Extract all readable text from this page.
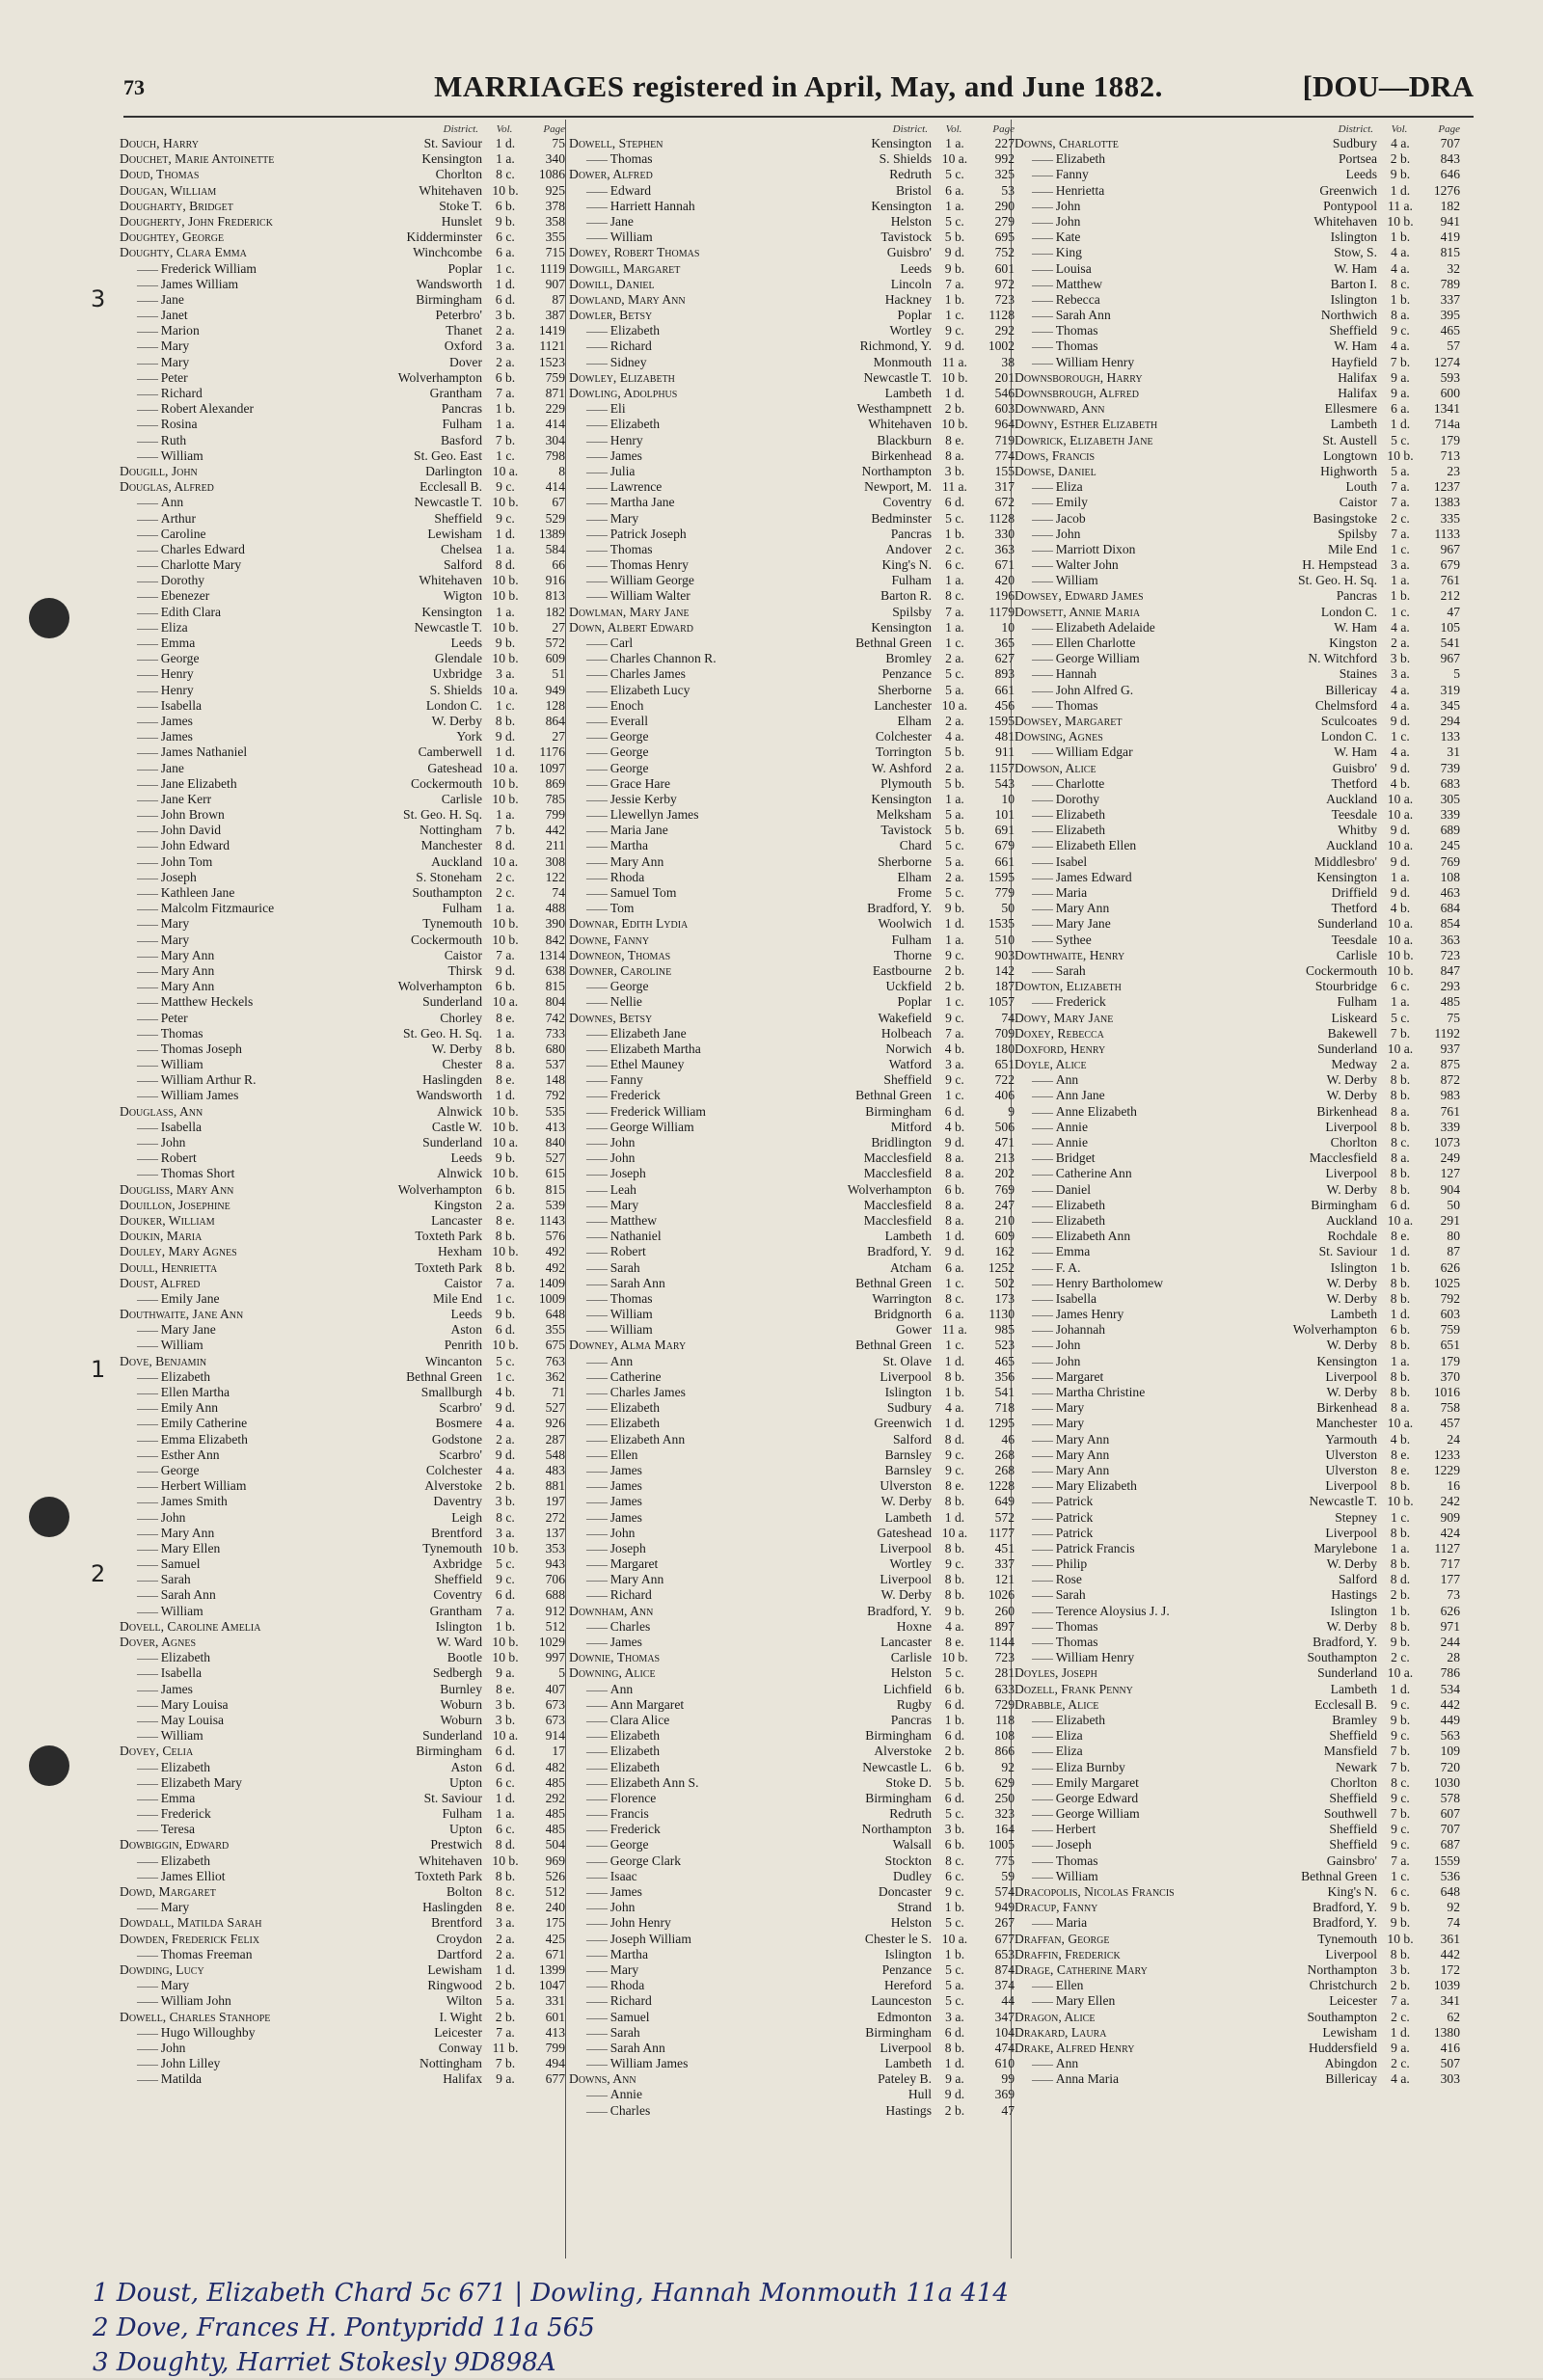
3
1
2
73	MARRIAGES registered in April, May, and June 1882.	[DOU—DRA
District.	Vol.	Page
Douch, Harry	St. Saviour	1 d.	75
Douchet, Marie Antoinette	Kensington	1 a.	340
Doud, Thomas	Chorlton	8 c.	1086
Dougan, William	Whitehaven 10 b.	925
Dougharty, Bridget	Stoke T.	6 b.	378
Dougherty, John Frederick	Hunslet	9 b.	358
Doughtey, George	Kidderminster	6 c.	355
Doughty, Clara Emma	Winchcombe	6 a.	715
—— Frederick William	Poplar	1 c.	1119
—— James William	Wandsworth	1 d.	907
—— Jane	Birmingham	6 d.	87
—— Janet	Peterbro'	3 b.	387
—— Marion	Thanet	2 a.	1419
—— Mary	Oxford	3 a.	1121
—— Mary	Dover	2 a.	1523
—— Peter	Wolverhampton	6 b.	759
—— Richard	Grantham	7 a.	871
—— Robert Alexander	Pancras	1 b.	229
—— Rosina	Fulham	1 a.	414
—— Ruth	Basford	7 b.	304
—— William	St. Geo. East	1 c.	798
Dougill, John	Darlington 10 a.	8
Douglas, Alfred	Ecclesall B.	9 c.	414
—— Ann	Newcastle T. 10 b.	67
—— Arthur	Sheffield	9 c.	529
—— Caroline	Lewisham	1 d.	1389
—— Charles Edward	Chelsea	1 a.	584
—— Charlotte Mary	Salford	8 d.	66
—— Dorothy	Whitehaven 10 b.	916
—— Ebenezer	Wigton 10 b.	813
—— Edith Clara	Kensington	1 a.	182
—— Eliza	Newcastle T. 10 b.	27
—— Emma	Leeds	9 b.	572
—— George	Glendale 10 b.	609
—— Henry	Uxbridge	3 a.	51
—— Henry	S. Shields 10 a.	949
—— Isabella	London C.	1 c.	128
—— James	W. Derby	8 b.	864
—— James	York	9 d.	27
—— James Nathaniel	Camberwell	1 d.	1176
—— Jane	Gateshead 10 a.	1097
—— Jane Elizabeth	Cockermouth 10 b.	869
—— Jane Kerr	Carlisle 10 b.	785
—— John Brown	St. Geo. H. Sq.	1 a.	799
—— John David	Nottingham	7 b.	442
—— John Edward	Manchester	8 d.	211
—— John Tom	Auckland 10 a.	308
—— Joseph	S. Stoneham	2 c.	122
—— Kathleen Jane	Southampton	2 c.	74
—— Malcolm Fitzmaurice	Fulham	1 a.	488
—— Mary	Tynemouth 10 b.	390
—— Mary	Cockermouth 10 b.	842
—— Mary Ann	Caistor	7 a.	1314
—— Mary Ann	Thirsk	9 d.	638
—— Mary Ann	Wolverhampton	6 b.	815
—— Matthew Heckels	Sunderland 10 a.	804
—— Peter	Chorley	8 e.	742
—— Thomas	St. Geo. H. Sq.	1 a.	733
—— Thomas Joseph	W. Derby	8 b.	680
—— William	Chester	8 a.	537
—— William Arthur R.	Haslingden	8 e.	148
—— William James	Wandsworth	1 d.	792
Douglass, Ann	Alnwick 10 b.	535
—— Isabella	Castle W. 10 b.	413
—— John	Sunderland 10 a.	840
—— Robert	Leeds	9 b.	527
—— Thomas Short	Alnwick 10 b.	615
Dougliss, Mary Ann	Wolverhampton	6 b.	815
Douillon, Josephine	Kingston	2 a.	539
Douker, William	Lancaster	8 e.	1143
Doukin, Maria	Toxteth Park	8 b.	576
Douley, Mary Agnes	Hexham 10 b.	492
Doull, Henrietta	Toxteth Park	8 b.	492
Doust, Alfred	Caistor	7 a.	1409
—— Emily Jane	Mile End	1 c.	1009
Douthwaite, Jane Ann	Leeds	9 b.	648
—— Mary Jane	Aston	6 d.	355
—— William	Penrith 10 b.	675
Dove, Benjamin	Wincanton	5 c.	763
—— Elizabeth	Bethnal Green	1 c.	362
—— Ellen Martha	Smallburgh	4 b.	71
—— Emily Ann	Scarbro'	9 d.	527
—— Emily Catherine	Bosmere	4 a.	926
—— Emma Elizabeth	Godstone	2 a.	287
—— Esther Ann	Scarbro'	9 d.	548
—— George	Colchester	4 a.	483
—— Herbert William	Alverstoke	2 b.	881
—— James Smith	Daventry	3 b.	197
—— John	Leigh	8 c.	272
—— Mary Ann	Brentford	3 a.	137
—— Mary Ellen	Tynemouth 10 b.	353
—— Samuel	Axbridge	5 c.	943
—— Sarah	Sheffield	9 c.	706
—— Sarah Ann	Coventry	6 d.	688
—— William	Grantham	7 a.	912
Dovell, Caroline Amelia	Islington	1 b.	512
Dover, Agnes	W. Ward 10 b.	1029
—— Elizabeth	Bootle 10 b.	997
—— Isabella	Sedbergh	9 a.	5
—— James	Burnley	8 e.	407
—— Mary Louisa	Woburn	3 b.	673
—— May Louisa	Woburn	3 b.	673
—— William	Sunderland 10 a.	914
Dovey, Celia	Birmingham	6 d.	17
—— Elizabeth	Aston	6 d.	482
—— Elizabeth Mary	Upton	6 c.	485
—— Emma	St. Saviour	1 d.	292
—— Frederick	Fulham	1 a.	485
—— Teresa	Upton	6 c.	485
Dowbiggin, Edward	Prestwich	8 d.	504
—— Elizabeth	Whitehaven 10 b.	969
—— James Elliot	Toxteth Park	8 b.	526
Dowd, Margaret	Bolton	8 c.	512
—— Mary	Haslingden	8 e.	240
Dowdall, Matilda Sarah	Brentford	3 a.	175
Dowden, Frederick Felix	Croydon	2 a.	425
—— Thomas Freeman	Dartford	2 a.	671
Dowding, Lucy	Lewisham	1 d.	1399
—— Mary	Ringwood	2 b.	1047
—— William John	Wilton	5 a.	331
Dowell, Charles Stanhope	I. Wight	2 b.	601
—— Hugo Willoughby	Leicester	7 a.	413
—— John	Conway 11 b.	799
—— John Lilley	Nottingham	7 b.	494
—— Matilda	Halifax	9 a.	677
District.	Vol.	Page
Dowell, Stephen	Kensington	1 a.	227
—— Thomas	S. Shields 10 a.	992
Dower, Alfred	Redruth	5 c.	325
—— Edward	Bristol	6 a.	53
—— Harriett Hannah	Kensington	1 a.	290
—— Jane	Helston	5 c.	279
—— William	Tavistock	5 b.	695
Dowey, Robert Thomas	Guisbro'	9 d.	752
Dowgill, Margaret	Leeds	9 b.	601
Dowill, Daniel	Lincoln	7 a.	972
Dowland, Mary Ann	Hackney	1 b.	723
Dowler, Betsy	Poplar	1 c.	1128
—— Elizabeth	Wortley	9 c.	292
—— Richard	Richmond, Y.	9 d.	1002
—— Sidney	Monmouth 11 a.	38
Dowley, Elizabeth	Newcastle T. 10 b.	201
Dowling, Adolphus	Lambeth	1 d.	546
—— Eli	Westhampnett	2 b.	603
—— Elizabeth	Whitehaven 10 b.	964
—— Henry	Blackburn	8 e.	719
—— James	Birkenhead	8 a.	774
—— Julia	Northampton	3 b.	155
—— Lawrence	Newport, M. 11 a.	317
—— Martha Jane	Coventry	6 d.	672
—— Mary	Bedminster	5 c.	1128
—— Patrick Joseph	Pancras	1 b.	330
—— Thomas	Andover	2 c.	363
—— Thomas Henry	King's N.	6 c.	671
—— William George	Fulham	1 a.	420
—— William Walter	Barton R.	8 c.	196
Dowlman, Mary Jane	Spilsby	7 a.	1179
Down, Albert Edward	Kensington	1 a.	10
—— Carl	Bethnal Green	1 c.	365
—— Charles Channon R.	Bromley	2 a.	627
—— Charles James	Penzance	5 c.	893
—— Elizabeth Lucy	Sherborne	5 a.	661
—— Enoch	Lanchester 10 a.	456
—— Everall	Elham	2 a.	1595
—— George	Colchester	4 a.	481
—— George	Torrington	5 b.	911
—— George	W. Ashford	2 a.	1157
—— Grace Hare	Plymouth	5 b.	543
—— Jessie Kerby	Kensington	1 a.	10
—— Llewellyn James	Melksham	5 a.	101
—— Maria Jane	Tavistock	5 b.	691
—— Martha	Chard	5 c.	679
—— Mary Ann	Sherborne	5 a.	661
—— Rhoda	Elham	2 a.	1595
—— Samuel Tom	Frome	5 c.	779
—— Tom	Bradford, Y.	9 b.	50
Downar, Edith Lydia	Woolwich	1 d.	1535
Downe, Fanny	Fulham	1 a.	510
Downeon, Thomas	Thorne	9 c.	903
Downer, Caroline	Eastbourne	2 b.	142
—— George	Uckfield	2 b.	187
—— Nellie	Poplar	1 c.	1057
Downes, Betsy	Wakefield	9 c.	74
—— Elizabeth Jane	Holbeach	7 a.	709
—— Elizabeth Martha	Norwich	4 b.	180
—— Ethel Mauney	Watford	3 a.	651
—— Fanny	Sheffield	9 c.	722
—— Frederick	Bethnal Green	1 c.	406
—— Frederick William	Birmingham	6 d.	9
—— George William	Mitford	4 b.	506
—— John	Bridlington	9 d.	471
—— John	Macclesfield	8 a.	213
—— Joseph	Macclesfield	8 a.	202
—— Leah	Wolverhampton	6 b.	769
—— Mary	Macclesfield	8 a.	247
—— Matthew	Macclesfield	8 a.	210
—— Nathaniel	Lambeth	1 d.	609
—— Robert	Bradford, Y.	9 d.	162
—— Sarah	Atcham	6 a.	1252
—— Sarah Ann	Bethnal Green	1 c.	502
—— Thomas	Warrington	8 c.	173
—— William	Bridgnorth	6 a.	1130
—— William	Gower 11 a.	985
Downey, Alma Mary	Bethnal Green	1 c.	523
—— Ann	St. Olave	1 d.	465
—— Catherine	Liverpool	8 b.	356
—— Charles James	Islington	1 b.	541
—— Elizabeth	Sudbury	4 a.	718
—— Elizabeth	Greenwich	1 d.	1295
—— Elizabeth Ann	Salford	8 d.	46
—— Ellen	Barnsley	9 c.	268
—— James	Barnsley	9 c.	268
—— James	Ulverston	8 e.	1228
—— James	W. Derby	8 b.	649
—— James	Lambeth	1 d.	572
—— John	Gateshead 10 a.	1177
—— Joseph	Liverpool	8 b.	451
—— Margaret	Wortley	9 c.	337
—— Mary Ann	Liverpool	8 b.	121
—— Richard	W. Derby	8 b.	1026
Downham, Ann	Bradford, Y.	9 b.	260
—— Charles	Hoxne	4 a.	897
—— James	Lancaster	8 e.	1144
Downie, Thomas	Carlisle 10 b.	723
Downing, Alice	Helston	5 c.	281
—— Ann	Lichfield	6 b.	633
—— Ann Margaret	Rugby	6 d.	729
—— Clara Alice	Pancras	1 b.	118
—— Elizabeth	Birmingham	6 d.	108
—— Elizabeth	Alverstoke	2 b.	866
—— Elizabeth	Newcastle L.	6 b.	92
—— Elizabeth Ann S.	Stoke D.	5 b.	629
—— Florence	Birmingham	6 d.	250
—— Francis	Redruth	5 c.	323
—— Frederick	Northampton	3 b.	164
—— George	Walsall	6 b.	1005
—— George Clark	Stockton	8 c.	775
—— Isaac	Dudley	6 c.	59
—— James	Doncaster	9 c.	574
—— John	Strand	1 b.	949
—— John Henry	Helston	5 c.	267
—— Joseph William	Chester le S. 10 a.	677
—— Martha	Islington	1 b.	653
—— Mary	Penzance	5 c.	874
—— Rhoda	Hereford	5 a.	374
—— Richard	Launceston	5 c.	44
—— Samuel	Edmonton	3 a.	347
—— Sarah	Birmingham	6 d.	104
—— Sarah Ann	Liverpool	8 b.	474
—— William James	Lambeth	1 d.	610
Downs, Ann	Pateley B.	9 a.	99
—— Annie	Hull	9 d.	369
—— Charles	Hastings	2 b.	47
District.	Vol.	Page
Downs, Charlotte	Sudbury	4 a.	707
—— Elizabeth	Portsea	2 b.	843
—— Fanny	Leeds	9 b.	646
—— Henrietta	Greenwich	1 d.	1276
—— John	Pontypool 11 a.	182
—— John	Whitehaven 10 b.	941
—— Kate	Islington	1 b.	419
—— King	Stow, S.	4 a.	815
—— Louisa	W. Ham	4 a.	32
—— Matthew	Barton I.	8 c.	789
—— Rebecca	Islington	1 b.	337
—— Sarah Ann	Northwich	8 a.	395
—— Thomas	Sheffield	9 c.	465
—— Thomas	W. Ham	4 a.	57
—— William Henry	Hayfield	7 b.	1274
Downsborough, Harry	Halifax	9 a.	593
Downsbrough, Alfred	Halifax	9 a.	600
Downward, Ann	Ellesmere	6 a.	1341
Downy, Esther Elizabeth	Lambeth	1 d.	714a
Dowrick, Elizabeth Jane	St. Austell	5 c.	179
Dows, Francis	Longtown 10 b.	713
Dowse, Daniel	Highworth	5 a.	23
—— Eliza	Louth	7 a.	1237
—— Emily	Caistor	7 a.	1383
—— Jacob	Basingstoke	2 c.	335
—— John	Spilsby	7 a.	1133
—— Marriott Dixon	Mile End	1 c.	967
—— Walter John	H. Hempstead	3 a.	679
—— William	St. Geo. H. Sq.	1 a.	761
Dowsey, Edward James	Pancras	1 b.	212
Dowsett, Annie Maria	London C.	1 c.	47
—— Elizabeth Adelaide	W. Ham	4 a.	105
—— Ellen Charlotte	Kingston	2 a.	541
—— George William	N. Witchford	3 b.	967
—— Hannah	Staines	3 a.	5
—— John Alfred G.	Billericay	4 a.	319
—— Thomas	Chelmsford	4 a.	345
Dowsey, Margaret	Sculcoates	9 d.	294
Dowsing, Agnes	London C.	1 c.	133
—— William Edgar	W. Ham	4 a.	31
Dowson, Alice	Guisbro'	9 d.	739
—— Charlotte	Thetford	4 b.	683
—— Dorothy	Auckland 10 a.	305
—— Elizabeth	Teesdale 10 a.	339
—— Elizabeth	Whitby	9 d.	689
—— Elizabeth Ellen	Auckland 10 a.	245
—— Isabel	Middlesbro'	9 d.	769
—— James Edward	Kensington	1 a.	108
—— Maria	Driffield	9 d.	463
—— Mary Ann	Thetford	4 b.	684
—— Mary Jane	Sunderland 10 a.	854
—— Sythee	Teesdale 10 a.	363
Dowthwaite, Henry	Carlisle 10 b.	723
—— Sarah	Cockermouth 10 b.	847
Dowton, Elizabeth	Stourbridge	6 c.	293
—— Frederick	Fulham	1 a.	485
Dowy, Mary Jane	Liskeard	5 c.	75
Doxey, Rebecca	Bakewell	7 b.	1192
Doxford, Henry	Sunderland 10 a.	937
Doyle, Alice	Medway	2 a.	875
—— Ann	W. Derby	8 b.	872
—— Ann Jane	W. Derby	8 b.	983
—— Anne Elizabeth	Birkenhead	8 a.	761
—— Annie	Liverpool	8 b.	339
—— Annie	Chorlton	8 c.	1073
—— Bridget	Macclesfield	8 a.	249
—— Catherine Ann	Liverpool	8 b.	127
—— Daniel	W. Derby	8 b.	904
—— Elizabeth	Birmingham	6 d.	50
—— Elizabeth	Auckland 10 a.	291
—— Elizabeth Ann	Rochdale	8 e.	80
—— Emma	St. Saviour	1 d.	87
—— F. A.	Islington	1 b.	626
—— Henry Bartholomew	W. Derby	8 b.	1025
—— Isabella	W. Derby	8 b.	792
—— James Henry	Lambeth	1 d.	603
—— Johannah	Wolverhampton	6 b.	759
—— John	W. Derby	8 b.	651
—— John	Kensington	1 a.	179
—— Margaret	Liverpool	8 b.	370
—— Martha Christine	W. Derby	8 b.	1016
—— Mary	Birkenhead	8 a.	758
—— Mary	Manchester 10 a.	457
—— Mary Ann	Yarmouth	4 b.	24
—— Mary Ann	Ulverston	8 e.	1233
—— Mary Ann	Ulverston	8 e.	1229
—— Mary Elizabeth	Liverpool	8 b.	16
—— Patrick	Newcastle T. 10 b.	242
—— Patrick	Stepney	1 c.	909
—— Patrick	Liverpool	8 b.	424
—— Patrick Francis	Marylebone	1 a.	1127
—— Philip	W. Derby	8 b.	717
—— Rose	Salford	8 d.	177
—— Sarah	Hastings	2 b.	73
—— Terence Aloysius J. J.	Islington	1 b.	626
—— Thomas	W. Derby	8 b.	971
—— Thomas	Bradford, Y.	9 b.	244
—— William Henry	Southampton	2 c.	28
Doyles, Joseph	Sunderland 10 a.	786
Dozell, Frank Penny	Lambeth	1 d.	534
Drabble, Alice	Ecclesall B.	9 c.	442
—— Elizabeth	Bramley	9 b.	449
—— Eliza	Sheffield	9 c.	563
—— Eliza	Mansfield	7 b.	109
—— Eliza Burnby	Newark	7 b.	720
—— Emily Margaret	Chorlton	8 c.	1030
—— George Edward	Sheffield	9 c.	578
—— George William	Southwell	7 b.	607
—— Herbert	Sheffield	9 c.	707
—— Joseph	Sheffield	9 c.	687
—— Thomas	Gainsbro'	7 a.	1559
—— William	Bethnal Green	1 c.	536
Dracopolis, Nicolas Francis	King's N.	6 c.	648
Dracup, Fanny	Bradford, Y.	9 b.	92
—— Maria	Bradford, Y.	9 b.	74
Draffan, George	Tynemouth 10 b.	361
Draffin, Frederick	Liverpool	8 b.	442
Drage, Catherine Mary	Northampton	3 b.	172
—— Ellen	Christchurch	2 b.	1039
—— Mary Ellen	Leicester	7 a.	341
Dragon, Alice	Southampton	2 c.	62
Drakard, Laura	Lewisham	1 d.	1380
Drake, Alfred Henry	Huddersfield	9 a.	416
—— Ann	Abingdon	2 c.	507
—— Anna Maria	Billericay	4 a.	303
1 Doust, Elizabeth Chard 5c 671 | Dowling, Hannah Monmouth 11a 414
2 Dove, Frances H. Pontypridd 11a 565
3 Doughty, Harriet Stokesly 9D898A
